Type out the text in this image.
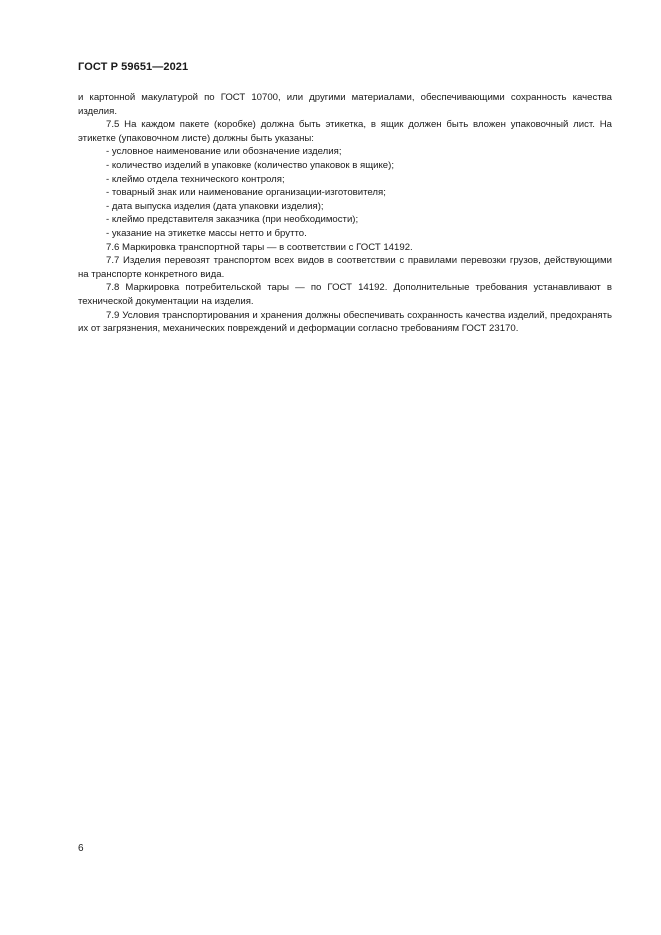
ГОСТ Р 59651—2021

и картонной макулатурой по ГОСТ 10700, или другими материалами, обеспечивающими сохранность качества изделия.

7.5 На каждом пакете (коробке) должна быть этикетка, в ящик должен быть вложен упаковочный лист. На этикетке (упаковочном листе) должны быть указаны:

- условное наименование или обозначение изделия;

- количество изделий в упаковке (количество упаковок в ящике);

- клеймо отдела технического контроля;

- товарный знак или наименование организации-изготовителя;

- дата выпуска изделия (дата упаковки изделия);

- клеймо представителя заказчика (при необходимости);

- указание на этикетке массы нетто и брутто.

7.6 Маркировка транспортной тары — в соответствии с ГОСТ 14192.

7.7 Изделия перевозят транспортом всех видов в соответствии с правилами перевозки грузов, действующими на транспорте конкретного вида.

7.8 Маркировка потребительской тары — по ГОСТ 14192. Дополнительные требования устанавливают в технической документации на изделия.

7.9 Условия транспортирования и хранения должны обеспечивать сохранность качества изделий, предохранять их от загрязнения, механических повреждений и деформации согласно требованиям ГОСТ 23170.

6
